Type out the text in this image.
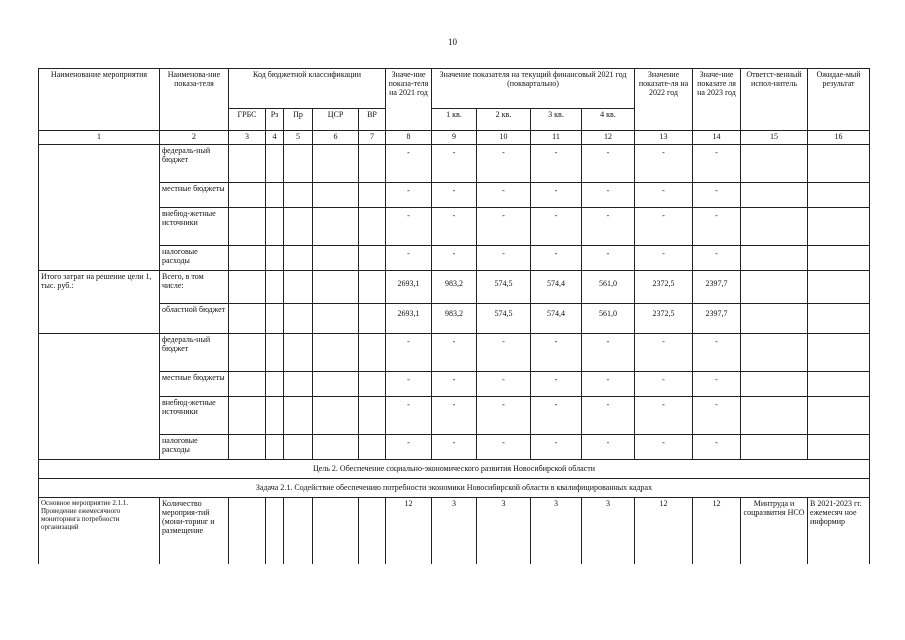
10
Наименование мероприятия	Наименова-ние показа-теля	Код бюджетной классификации					Значе-ние показа-теля на 2021 год	Значение показателя на текущий финансовый 2021 год (поквартально)				Значение показате-ля на 2022 год	Значе-ние показате ля на 2023 год	Ответст-венный испол-нитель	Ожидае-мый результат
		ГРБС	Рз	Пр	ЦСР	ВР		1 кв.	2 кв.	3 кв.	4 кв.				
1	2	3	4	5	6	7	8	9	10	11	12	13	14	15	16
	федераль-ный бюджет						-	-	-	-	-	-	-		
	местные бюджеты						-	-	-	-	-	-	-		
	внебюд-жетные источники						-	-	-	-	-	-	-		
	налоговые расходы						-	-	-	-	-	-	-		
Итого затрат на решение цели 1, тыс. руб.:	Всего, в том числе:						2693,1	983,2	574,5	574,4	561,0	2372,5	2397,7		
	областной бюджет						2693,1	983,2	574,5	574,4	561,0	2372,5	2397,7		
	федераль-ный бюджет						-	-	-	-	-	-	-		
	местные бюджеты						-	-	-	-	-	-	-		
	внебюд-жетные источники						-	-	-	-	-	-	-		
	налоговые расходы						-	-	-	-	-	-	-		
Цель 2. Обеспечение социально-экономического развития Новосибирской области															
Задача 2.1. Содействие обеспечению потребности экономики Новосибирской области в квалифицированных кадрах															
Основное мероприятие 2.1.1. Проведение ежемесячного мониторинга потребности организаций	Количество мероприя-тий (мони-торинг и размещение						12	3	3	3	3	12	12	Минтруда и соцразвития НСО	В 2021-2023 гг. ежемесяч ное информир
